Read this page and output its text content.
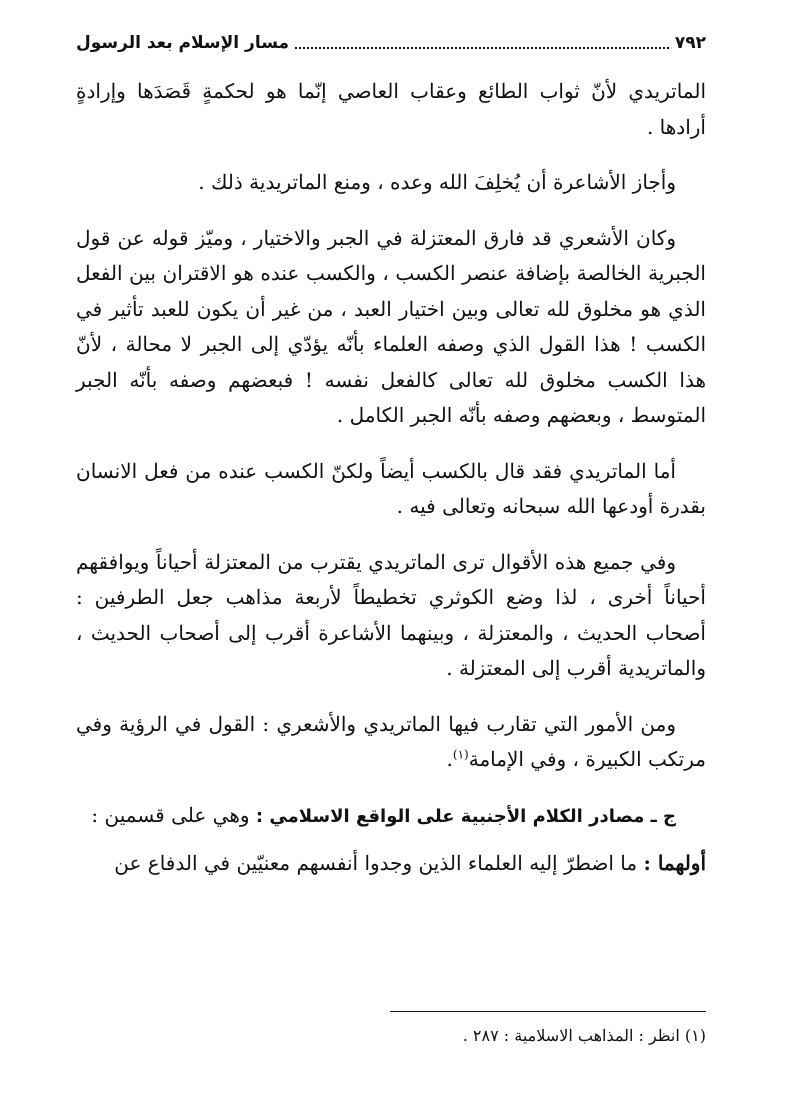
٧٩٢
مسار الإسلام بعد الرسول

الماتريدي لأنّ ثواب الطائع وعقاب العاصي إنّما هو لحكمةٍ قَصَدَها وإرادةٍ أرادها .

وأجاز الأشاعرة أن يُخلِفَ الله وعده ، ومنع الماتريدية ذلك .

وكان الأشعري قد فارق المعتزلة في الجبر والاختيار ، وميّز قوله عن قول الجبرية الخالصة بإضافة عنصر الكسب ، والكسب عنده هو الاقتران بين الفعل الذي هو مخلوق لله تعالى وبين اختيار العبد ، من غير أن يكون للعبد تأثير في الكسب ! هذا القول الذي وصفه العلماء بأنّه يؤدّي إلى الجبر لا محالة ، لأنّ هذا الكسب مخلوق لله تعالى كالفعل نفسه ! فبعضهم وصفه بأنّه الجبر المتوسط ، وبعضهم وصفه بأنّه الجبر الكامل .

أما الماتريدي فقد قال بالكسب أيضاً ولكنّ الكسب عنده من فعل الانسان بقدرة أودعها الله سبحانه وتعالى فيه .

وفي جميع هذه الأقوال ترى الماتريدي يقترب من المعتزلة أحياناً ويوافقهم أحياناً أخرى ، لذا وضع الكوثري تخطيطاً لأربعة مذاهب جعل الطرفين : أصحاب الحديث ، والمعتزلة ، وبينهما الأشاعرة أقرب إلى أصحاب الحديث ، والماتريدية أقرب إلى المعتزلة .

ومن الأمور التي تقارب فيها الماتريدي والأشعري : القول في الرؤية وفي مرتكب الكبيرة ، وفي الإمامة$^{(١)}$.

ج ـ مصادر الكلام الأجنبية على الواقع الاسلامي : وهي على قسمين :

أولهما : ما اضطرّ إليه العلماء الذين وجدوا أنفسهم معنيّين في الدفاع عن

(١) انظر : المذاهب الاسلامية : ٢٨٧ .
